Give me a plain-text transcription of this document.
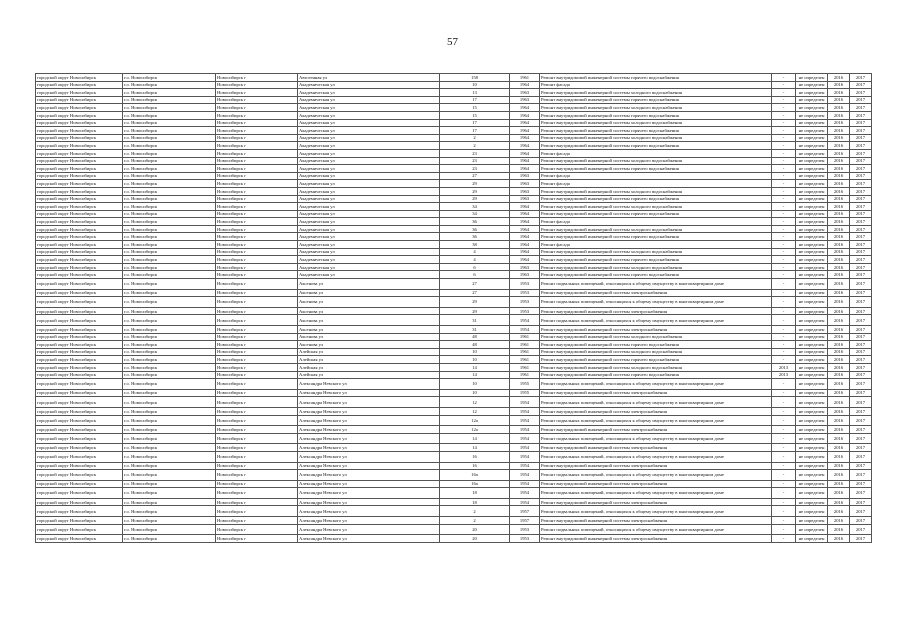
57
городской округ Новосибирск	г.о. Новосибирск	Новосибирск г	Автогенная ул	158	1961	Ремонт внутридомовой инженерной системы горячего водоснабжения	-	не определен	2016	2017
городской округ Новосибирск	г.о. Новосибирск	Новосибирск г	Академическая ул	10	1964	Ремонт фасада	-	не определен	2016	2017
городской округ Новосибирск	г.о. Новосибирск	Новосибирск г	Академическая ул	13	1963	Ремонт внутридомовой инженерной системы холодного водоснабжения	-	не определен	2016	2017
городской округ Новосибирск	г.о. Новосибирск	Новосибирск г	Академическая ул	17	1963	Ремонт внутридомовой инженерной системы горячего водоснабжения	-	не определен	2016	2017
городской округ Новосибирск	г.о. Новосибирск	Новосибирск г	Академическая ул	15	1964	Ремонт внутридомовой инженерной системы холодного водоснабжения	-	не определен	2016	2017
городской округ Новосибирск	г.о. Новосибирск	Новосибирск г	Академическая ул	15	1964	Ремонт внутридомовой инженерной системы горячего водоснабжения	-	не определен	2016	2017
городской округ Новосибирск	г.о. Новосибирск	Новосибирск г	Академическая ул	17	1964	Ремонт внутридомовой инженерной системы холодного водоснабжения	-	не определен	2016	2017
городской округ Новосибирск	г.о. Новосибирск	Новосибирск г	Академическая ул	17	1964	Ремонт внутридомовой инженерной системы горячего водоснабжения	-	не определен	2016	2017
городской округ Новосибирск	г.о. Новосибирск	Новосибирск г	Академическая ул	2	1964	Ремонт внутридомовой инженерной системы холодного водоснабжения	-	не определен	2016	2017
городской округ Новосибирск	г.о. Новосибирск	Новосибирск г	Академическая ул	2	1964	Ремонт внутридомовой инженерной системы горячего водоснабжения	-	не определен	2016	2017
городской округ Новосибирск	г.о. Новосибирск	Новосибирск г	Академическая ул	23	1964	Ремонт фасада	-	не определен	2016	2017
городской округ Новосибирск	г.о. Новосибирск	Новосибирск г	Академическая ул	23	1964	Ремонт внутридомовой инженерной системы холодного водоснабжения	-	не определен	2016	2017
городской округ Новосибирск	г.о. Новосибирск	Новосибирск г	Академическая ул	23	1964	Ремонт внутридомовой инженерной системы горячего водоснабжения	-	не определен	2016	2017
городской округ Новосибирск	г.о. Новосибирск	Новосибирск г	Академическая ул	27	1963	Ремонт фасада	-	не определен	2016	2017
городской округ Новосибирск	г.о. Новосибирск	Новосибирск г	Академическая ул	29	1963	Ремонт фасада	-	не определен	2016	2017
городской округ Новосибирск	г.о. Новосибирск	Новосибирск г	Академическая ул	29	1963	Ремонт внутридомовой инженерной системы холодного водоснабжения	-	не определен	2016	2017
городской округ Новосибирск	г.о. Новосибирск	Новосибирск г	Академическая ул	29	1963	Ремонт внутридомовой инженерной системы горячего водоснабжения	-	не определен	2016	2017
городской округ Новосибирск	г.о. Новосибирск	Новосибирск г	Академическая ул	34	1964	Ремонт внутридомовой инженерной системы холодного водоснабжения	-	не определен	2016	2017
городской округ Новосибирск	г.о. Новосибирск	Новосибирск г	Академическая ул	34	1964	Ремонт внутридомовой инженерной системы горячего водоснабжения	-	не определен	2016	2017
городской округ Новосибирск	г.о. Новосибирск	Новосибирск г	Академическая ул	36	1964	Ремонт фасада	-	не определен	2016	2017
городской округ Новосибирск	г.о. Новосибирск	Новосибирск г	Академическая ул	36	1964	Ремонт внутридомовой инженерной системы холодного водоснабжения	-	не определен	2016	2017
городской округ Новосибирск	г.о. Новосибирск	Новосибирск г	Академическая ул	36	1964	Ремонт внутридомовой инженерной системы горячего водоснабжения	-	не определен	2016	2017
городской округ Новосибирск	г.о. Новосибирск	Новосибирск г	Академическая ул	38	1964	Ремонт фасада	-	не определен	2016	2017
городской округ Новосибирск	г.о. Новосибирск	Новосибирск г	Академическая ул	4	1964	Ремонт внутридомовой инженерной системы холодного водоснабжения	-	не определен	2016	2017
городской округ Новосибирск	г.о. Новосибирск	Новосибирск г	Академическая ул	4	1964	Ремонт внутридомовой инженерной системы горячего водоснабжения	-	не определен	2016	2017
городской округ Новосибирск	г.о. Новосибирск	Новосибирск г	Академическая ул	6	1963	Ремонт внутридомовой инженерной системы холодного водоснабжения	-	не определен	2016	2017
городской округ Новосибирск	г.о. Новосибирск	Новосибирск г	Академическая ул	6	1963	Ремонт внутридомовой инженерной системы горячего водоснабжения	-	не определен	2016	2017
городской округ Новосибирск	г.о. Новосибирск	Новосибирск г	Аксенова ул	27	1953	Ремонт подвальных помещений, относящихся к общему имуществу в многоквартирном доме	-	не определен	2016	2017
городской округ Новосибирск	г.о. Новосибирск	Новосибирск г	Аксенова ул	27	1953	Ремонт внутридомовой инженерной системы электроснабжения	-	не определен	2016	2017
городской округ Новосибирск	г.о. Новосибирск	Новосибирск г	Аксенова ул	29	1953	Ремонт подвальных помещений, относящихся к общему имуществу в многоквартирном доме	-	не определен	2016	2017
городской округ Новосибирск	г.о. Новосибирск	Новосибирск г	Аксенова ул	29	1953	Ремонт внутридомовой инженерной системы электроснабжения	-	не определен	2016	2017
городской округ Новосибирск	г.о. Новосибирск	Новосибирск г	Аксенова ул	31	1954	Ремонт подвальных помещений, относящихся к общему имуществу в многоквартирном доме	-	не определен	2016	2017
городской округ Новосибирск	г.о. Новосибирск	Новосибирск г	Аксенова ул	31	1954	Ремонт внутридомовой инженерной системы электроснабжения	-	не определен	2016	2017
городской округ Новосибирск	г.о. Новосибирск	Новосибирск г	Аксенова ул	48	1961	Ремонт внутридомовой инженерной системы холодного водоснабжения	-	не определен	2016	2017
городской округ Новосибирск	г.о. Новосибирск	Новосибирск г	Аксенова ул	48	1961	Ремонт внутридомовой инженерной системы горячего водоснабжения	-	не определен	2016	2017
городской округ Новосибирск	г.о. Новосибирск	Новосибирск г	Алейская ул	10	1961	Ремонт внутридомовой инженерной системы холодного водоснабжения	-	не определен	2016	2017
городской округ Новосибирск	г.о. Новосибирск	Новосибирск г	Алейская ул	10	1961	Ремонт внутридомовой инженерной системы горячего водоснабжения	-	не определен	2016	2017
городской округ Новосибирск	г.о. Новосибирск	Новосибирск г	Алейская ул	14	1961	Ремонт внутридомовой инженерной системы холодного водоснабжения	2013	не определен	2016	2017
городской округ Новосибирск	г.о. Новосибирск	Новосибирск г	Алейская ул	14	1961	Ремонт внутридомовой инженерной системы горячего водоснабжения	2013	не определен	2016	2017
городской округ Новосибирск	г.о. Новосибирск	Новосибирск г	Александра Невского ул	10	1955	Ремонт подвальных помещений, относящихся к общему имуществу в многоквартирном доме	-	не определен	2016	2017
городской округ Новосибирск	г.о. Новосибирск	Новосибирск г	Александра Невского ул	10	1955	Ремонт внутридомовой инженерной системы электроснабжения	-	не определен	2016	2017
городской округ Новосибирск	г.о. Новосибирск	Новосибирск г	Александра Невского ул	12	1954	Ремонт подвальных помещений, относящихся к общему имуществу в многоквартирном доме	-	не определен	2016	2017
городской округ Новосибирск	г.о. Новосибирск	Новосибирск г	Александра Невского ул	12	1954	Ремонт внутридомовой инженерной системы электроснабжения	-	не определен	2016	2017
городской округ Новосибирск	г.о. Новосибирск	Новосибирск г	Александра Невского ул	12а	1954	Ремонт подвальных помещений, относящихся к общему имуществу в многоквартирном доме	-	не определен	2016	2017
городской округ Новосибирск	г.о. Новосибирск	Новосибирск г	Александра Невского ул	12а	1954	Ремонт внутридомовой инженерной системы электроснабжения	-	не определен	2016	2017
городской округ Новосибирск	г.о. Новосибирск	Новосибирск г	Александра Невского ул	14	1954	Ремонт подвальных помещений, относящихся к общему имуществу в многоквартирном доме	-	не определен	2016	2017
городской округ Новосибирск	г.о. Новосибирск	Новосибирск г	Александра Невского ул	14	1954	Ремонт внутридомовой инженерной системы электроснабжения	-	не определен	2016	2017
городской округ Новосибирск	г.о. Новосибирск	Новосибирск г	Александра Невского ул	16	1954	Ремонт подвальных помещений, относящихся к общему имуществу в многоквартирном доме	-	не определен	2016	2017
городской округ Новосибирск	г.о. Новосибирск	Новосибирск г	Александра Невского ул	16	1954	Ремонт внутридомовой инженерной системы электроснабжения	-	не определен	2016	2017
городской округ Новосибирск	г.о. Новосибирск	Новосибирск г	Александра Невского ул	16а	1954	Ремонт подвальных помещений, относящихся к общему имуществу в многоквартирном доме	-	не определен	2016	2017
городской округ Новосибирск	г.о. Новосибирск	Новосибирск г	Александра Невского ул	16а	1954	Ремонт внутридомовой инженерной системы электроснабжения	-	не определен	2016	2017
городской округ Новосибирск	г.о. Новосибирск	Новосибирск г	Александра Невского ул	18	1954	Ремонт подвальных помещений, относящихся к общему имуществу в многоквартирном доме	-	не определен	2016	2017
городской округ Новосибирск	г.о. Новосибирск	Новосибирск г	Александра Невского ул	18	1954	Ремонт внутридомовой инженерной системы электроснабжения	-	не определен	2016	2017
городской округ Новосибирск	г.о. Новосибирск	Новосибирск г	Александра Невского ул	2	1957	Ремонт подвальных помещений, относящихся к общему имуществу в многоквартирном доме	-	не определен	2016	2017
городской округ Новосибирск	г.о. Новосибирск	Новосибирск г	Александра Невского ул	2	1957	Ремонт внутридомовой инженерной системы электроснабжения	-	не определен	2016	2017
городской округ Новосибирск	г.о. Новосибирск	Новосибирск г	Александра Невского ул	20	1953	Ремонт подвальных помещений, относящихся к общему имуществу в многоквартирном доме	-	не определен	2016	2017
городской округ Новосибирск	г.о. Новосибирск	Новосибирск г	Александра Невского ул	20	1953	Ремонт внутридомовой инженерной системы электроснабжения	-	не определен	2016	2017
